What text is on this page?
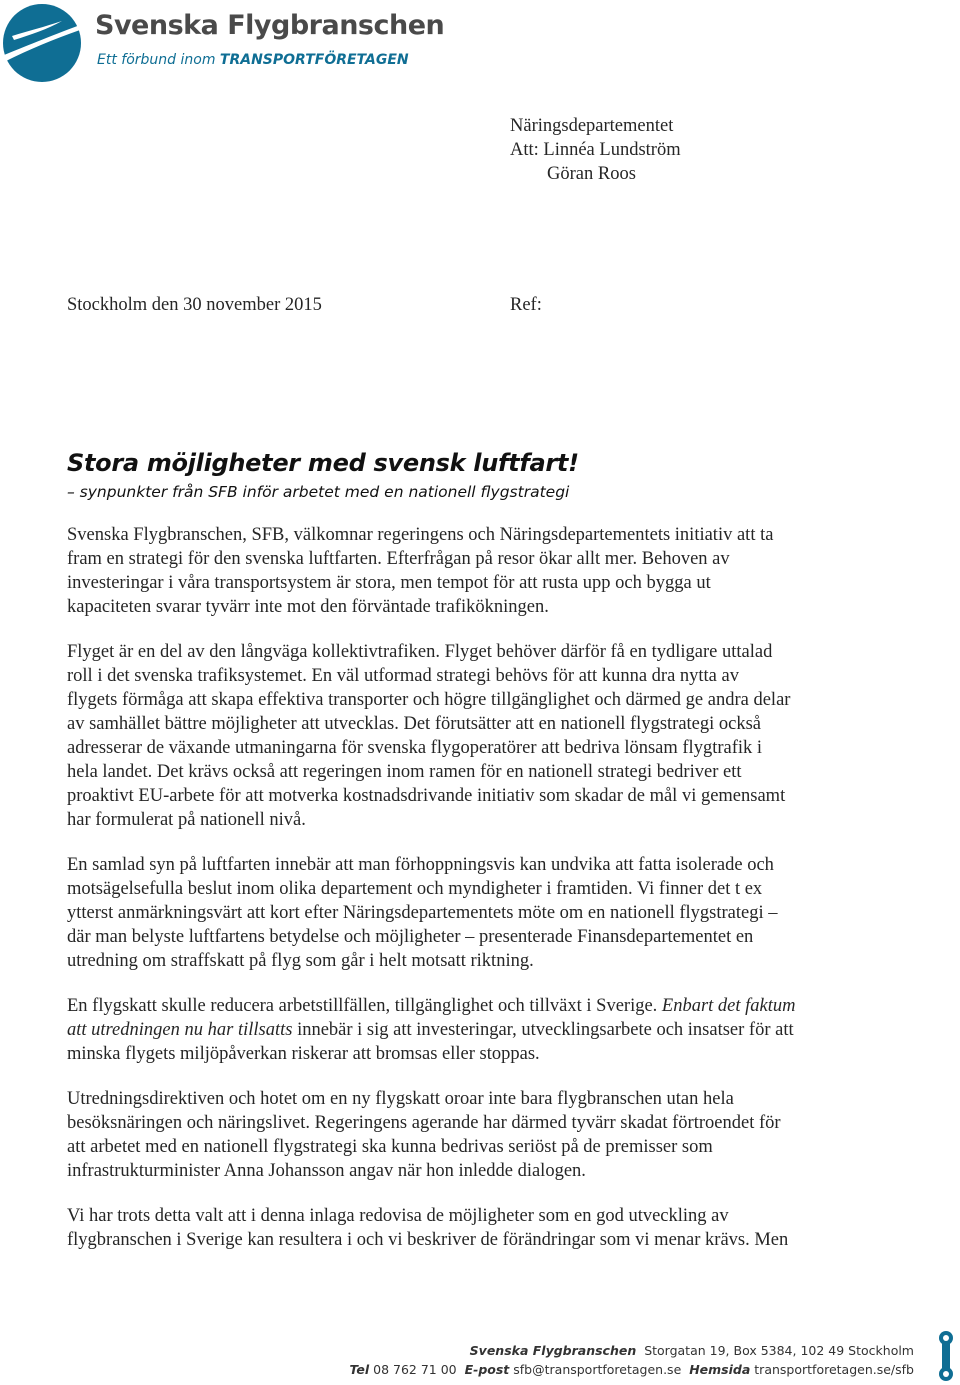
Svenska Flygbranschen
Ett förbund inom TRANSPORTFÖRETAGEN
Näringsdepartementet
Att: Linnéa Lundström
Göran Roos
Stockholm den 30 november 2015	Ref:
Stora möjligheter med svensk luftfart!
– synpunkter från SFB inför arbetet med en nationell flygstrategi

Svenska Flygbranschen, SFB, välkomnar regeringens och Näringsdepartementets initiativ att ta
fram en strategi för den svenska luftfarten. Efterfrågan på resor ökar allt mer. Behoven av
investeringar i våra transportsystem är stora, men tempot för att rusta upp och bygga ut
kapaciteten svarar tyvärr inte mot den förväntade trafikökningen.

Flyget är en del av den långväga kollektivtrafiken. Flyget behöver därför få en tydligare uttalad
roll i det svenska trafiksystemet. En väl utformad strategi behövs för att kunna dra nytta av
flygets förmåga att skapa effektiva transporter och högre tillgänglighet och därmed ge andra delar
av samhället bättre möjligheter att utvecklas. Det förutsätter att en nationell flygstrategi också
adresserar de växande utmaningarna för svenska flygoperatörer att bedriva lönsam flygtrafik i
hela landet. Det krävs också att regeringen inom ramen för en nationell strategi bedriver ett
proaktivt EU-arbete för att motverka kostnadsdrivande initiativ som skadar de mål vi gemensamt
har formulerat på nationell nivå.

En samlad syn på luftfarten innebär att man förhoppningsvis kan undvika att fatta isolerade och
motsägelsefulla beslut inom olika departement och myndigheter i framtiden. Vi finner det t ex
ytterst anmärkningsvärt att kort efter Näringsdepartementets möte om en nationell flygstrategi –
där man belyste luftfartens betydelse och möjligheter – presenterade Finansdepartementet en
utredning om straffskatt på flyg som går i helt motsatt riktning.

En flygskatt skulle reducera arbetstillfällen, tillgänglighet och tillväxt i Sverige. Enbart det faktum
att utredningen nu har tillsatts innebär i sig att investeringar, utvecklingsarbete och insatser för att
minska flygets miljöpåverkan riskerar att bromsas eller stoppas.

Utredningsdirektiven och hotet om en ny flygskatt oroar inte bara flygbranschen utan hela
besöksnäringen och näringslivet. Regeringens agerande har därmed tyvärr skadat förtroendet för
att arbetet med en nationell flygstrategi ska kunna bedrivas seriöst på de premisser som
infrastrukturminister Anna Johansson angav när hon inledde dialogen.

Vi har trots detta valt att i denna inlaga redovisa de möjligheter som en god utveckling av
flygbranschen i Sverige kan resultera i och vi beskriver de förändringar som vi menar krävs. Men

Svenska Flygbranschen Storgatan 19, Box 5384, 102 49 Stockholm
Tel 08 762 71 00 E-post sfb@transportforetagen.se Hemsida transportforetagen.se/sfb
